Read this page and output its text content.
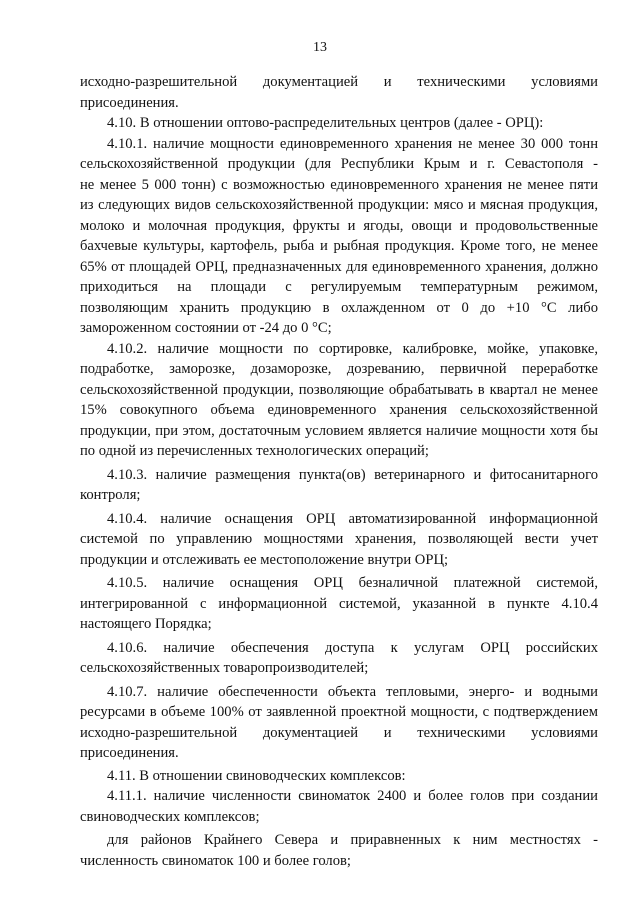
13
исходно-разрешительной документацией и техническими условиями
присоединения.
4.10. В отношении оптово-распределительных центров (далее - ОРЦ):
4.10.1. наличие мощности единовременного хранения не менее 30 000 тонн
сельскохозяйственной продукции (для Республики Крым и г. Севастополя -
не менее 5 000 тонн) с возможностью единовременного хранения не менее пяти
из следующих видов сельскохозяйственной продукции: мясо и мясная продукция,
молоко и молочная продукция, фрукты и ягоды, овощи и продовольственные
бахчевые культуры, картофель, рыба и рыбная продукция. Кроме того, не менее
65% от площадей ОРЦ, предназначенных для единовременного хранения, должно
приходиться на площади с регулируемым температурным режимом,
позволяющим хранить продукцию в охлажденном от 0 до +10 °С либо
замороженном состоянии от -24 до 0 °С;
4.10.2. наличие мощности по сортировке, калибровке, мойке, упаковке,
подработке, заморозке, дозаморозке, дозреванию, первичной переработке
сельскохозяйственной продукции, позволяющие обрабатывать в квартал не менее
15% совокупного объема единовременного хранения сельскохозяйственной
продукции, при этом, достаточным условием является наличие мощности хотя бы
по одной из перечисленных технологических операций;
4.10.3. наличие размещения пункта(ов) ветеринарного и фитосанитарного
контроля;
4.10.4. наличие оснащения ОРЦ автоматизированной информационной
системой по управлению мощностями хранения, позволяющей вести учет
продукции и отслеживать ее местоположение внутри ОРЦ;
4.10.5. наличие оснащения ОРЦ безналичной платежной системой,
интегрированной с информационной системой, указанной в пункте 4.10.4
настоящего Порядка;
4.10.6. наличие обеспечения доступа к услугам ОРЦ российских
сельскохозяйственных товаропроизводителей;
4.10.7. наличие обеспеченности объекта тепловыми, энерго- и водными
ресурсами в объеме 100% от заявленной проектной мощности, с подтверждением
исходно-разрешительной документацией и техническими условиями
присоединения.
4.11. В отношении свиноводческих комплексов:
4.11.1. наличие численности свиноматок 2400 и более голов при создании
свиноводческих комплексов;
для районов Крайнего Севера и приравненных к ним местностях -
численность свиноматок 100 и более голов;
